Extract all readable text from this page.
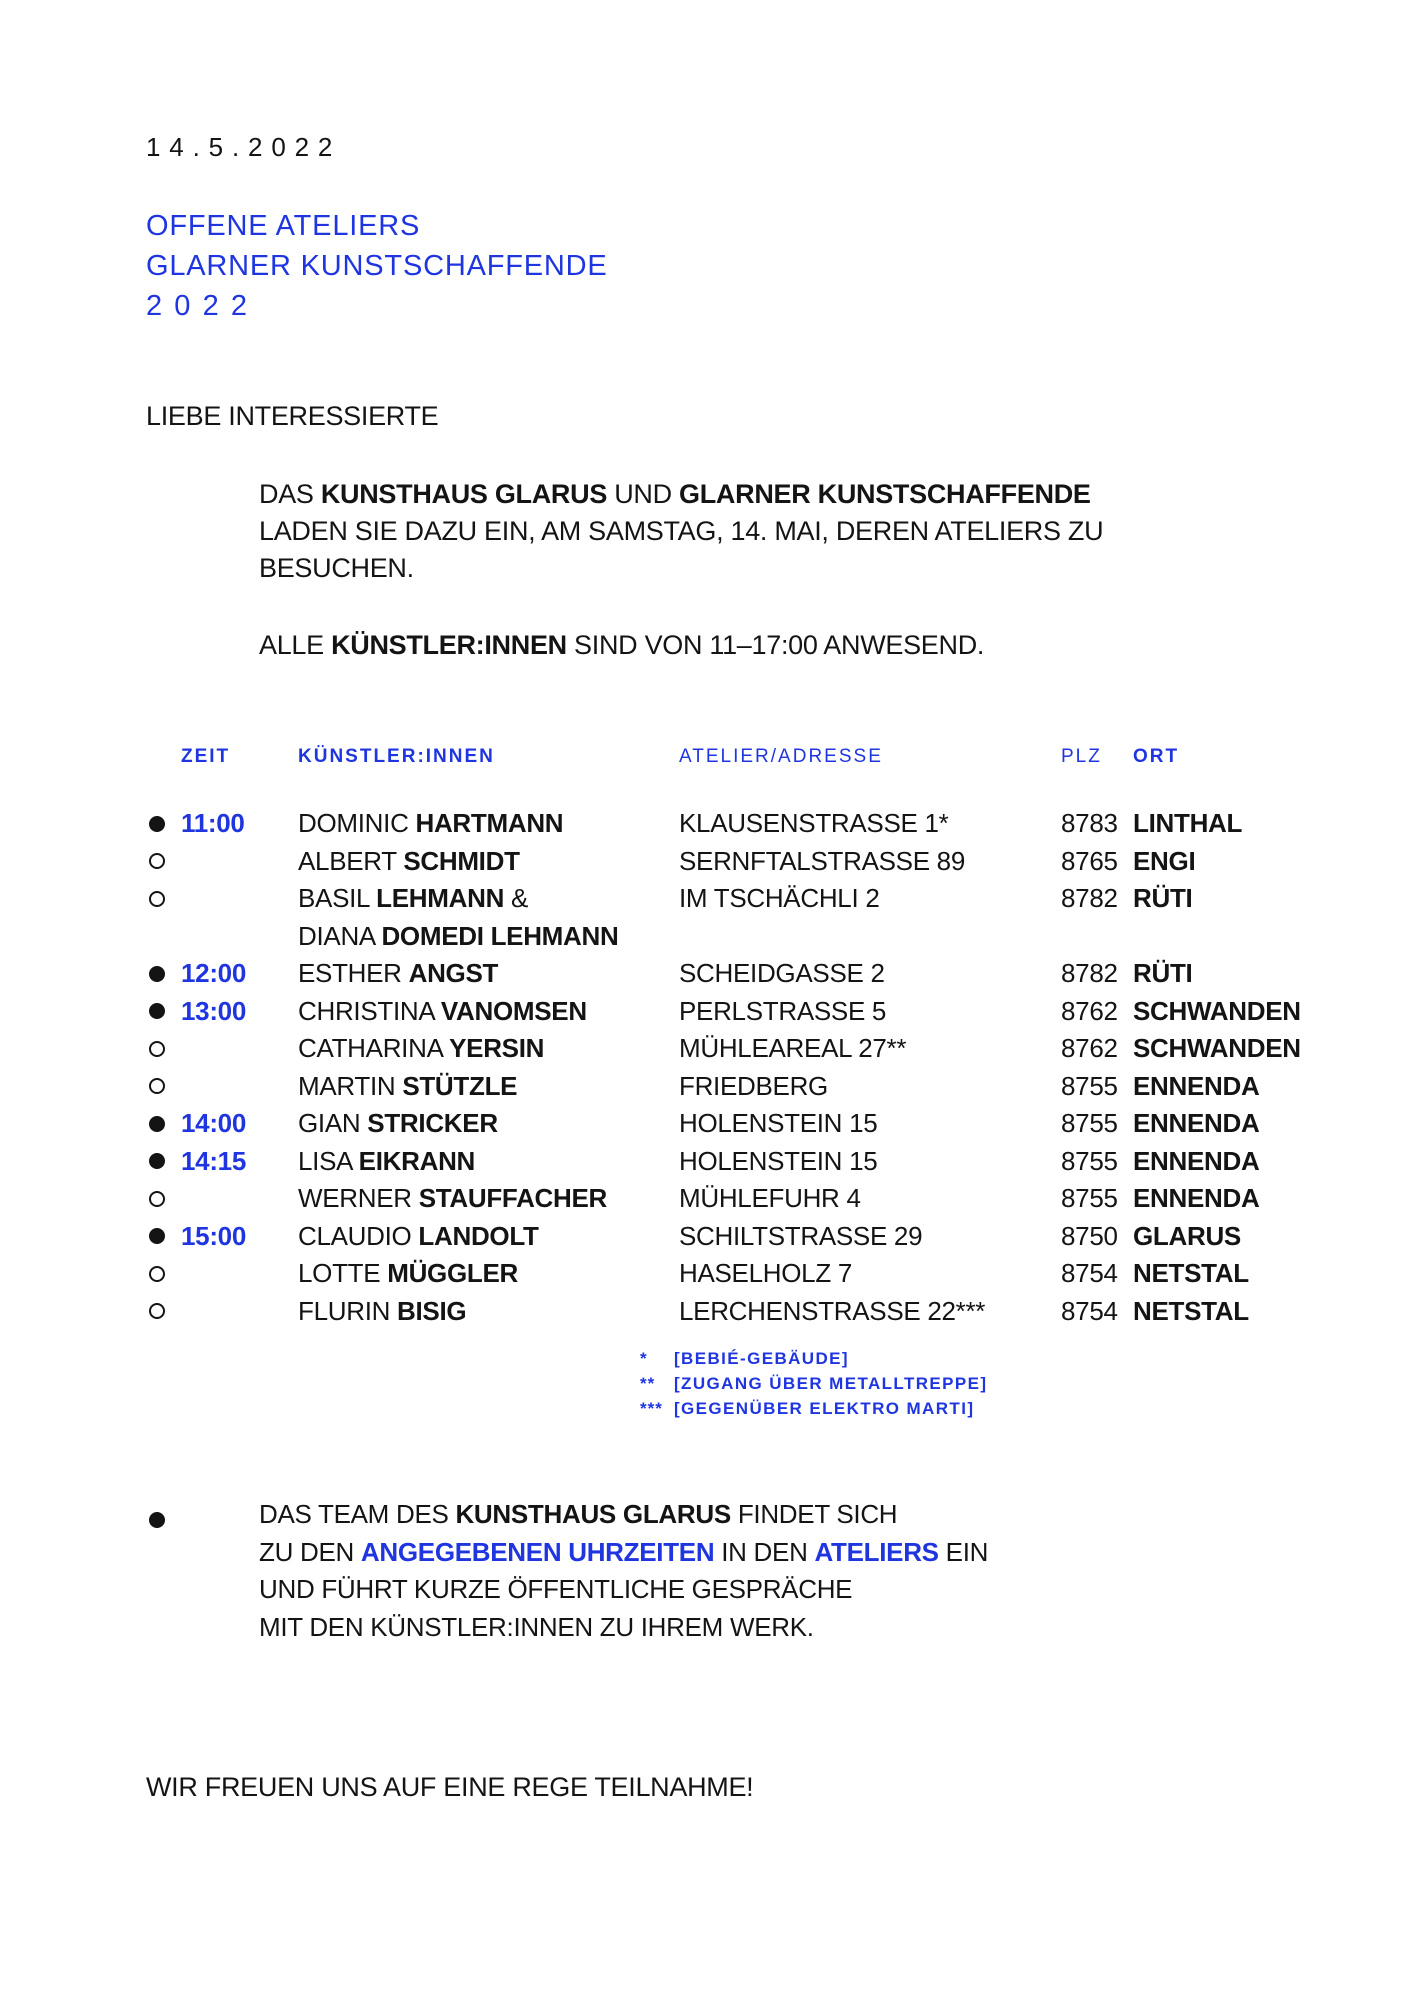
14.5.2022
OFFENE ATELIERS
GLARNER KUNSTSCHAFFENDE
2022
LIEBE INTERESSIERTE
DAS KUNSTHAUS GLARUS UND GLARNER KUNSTSCHAFFENDE
LADEN SIE DAZU EIN, AM SAMSTAG, 14. MAI, DEREN ATELIERS ZU
BESUCHEN.
ALLE KÜNSTLER:INNEN SIND VON 11–17:00 ANWESEND.
ZEIT	KÜNSTLER:INNEN	ATELIER/ADRESSE	PLZ ORT
11:00 DOMINIC HARTMANN	KLAUSENSTRASSE 1*	8783 LINTHAL
ALBERT SCHMIDT	SERNFTALSTRASSE 89	8765 ENGI
BASIL LEHMANN &	IM TSCHÄCHLI 2	8782 RÜTI
DIANA DOMEDI LEHMANN
12:00 ESTHER ANGST	SCHEIDGASSE 2	8782 RÜTI
13:00 CHRISTINA VANOMSEN	PERLSTRASSE 5	8762 SCHWANDEN
CATHARINA YERSIN	MÜHLEAREAL 27**	8762 SCHWANDEN
MARTIN STÜTZLE	FRIEDBERG	8755 ENNENDA
14:00 GIAN STRICKER	HOLENSTEIN 15	8755 ENNENDA
14:15 LISA EIKRANN	HOLENSTEIN 15	8755 ENNENDA
WERNER STAUFFACHER	MÜHLEFUHR 4	8755 ENNENDA
15:00 CLAUDIO LANDOLT	SCHILTSTRASSE 29	8750 GLARUS
LOTTE MÜGGLER	HASELHOLZ 7	8754 NETSTAL
FLURIN BISIG	LERCHENSTRASSE 22***	8754 NETSTAL
* [BEBIÉ-GEBÄUDE]
** [ZUGANG ÜBER METALLTREPPE]
*** [GEGENÜBER ELEKTRO MARTI]
DAS TEAM DES KUNSTHAUS GLARUS FINDET SICH
ZU DEN ANGEGEBENEN UHRZEITEN IN DEN ATELIERS EIN
UND FÜHRT KURZE ÖFFENTLICHE GESPRÄCHE
MIT DEN KÜNSTLER:INNEN ZU IHREM WERK.
WIR FREUEN UNS AUF EINE REGE TEILNAHME!
